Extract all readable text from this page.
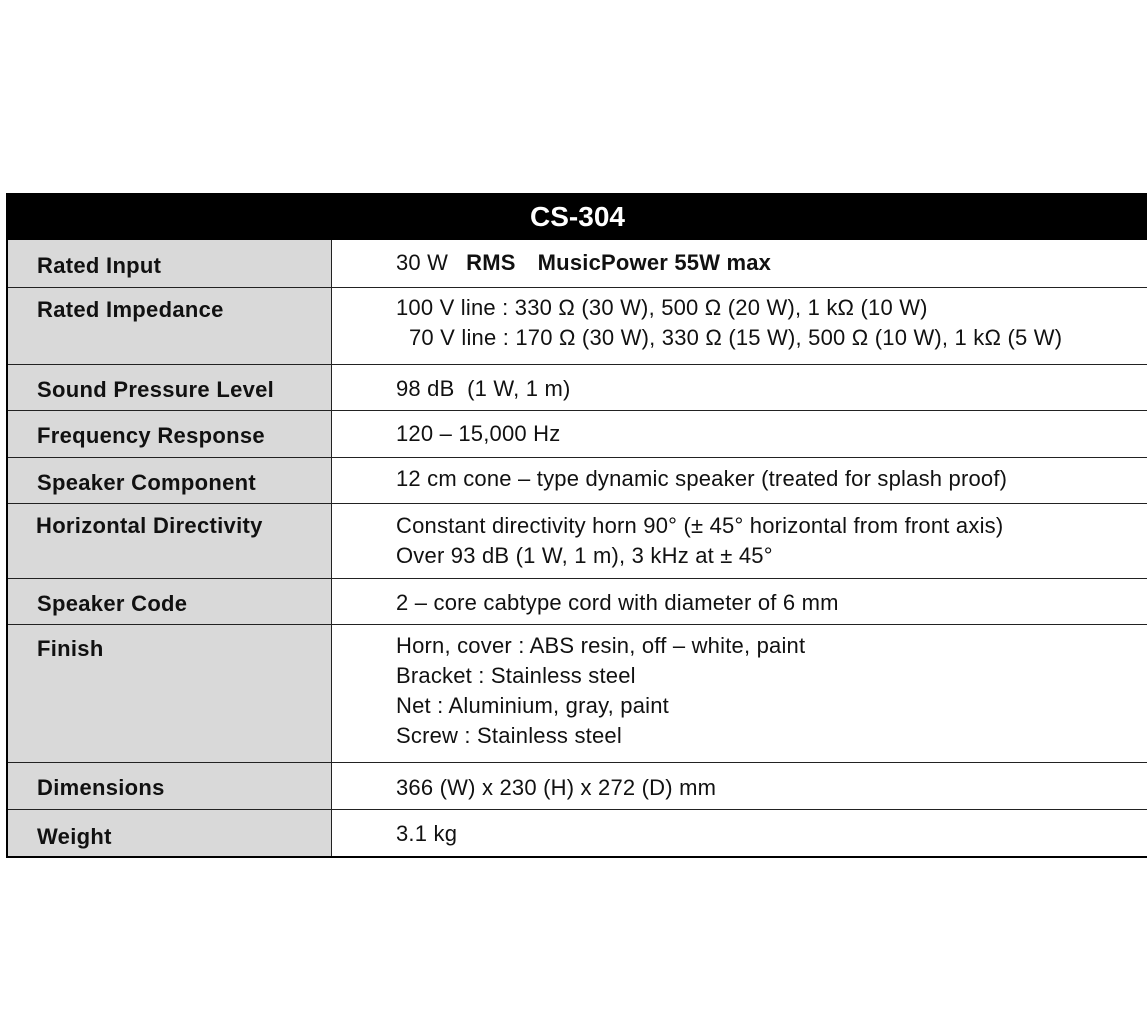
CS-304
Rated Input	30 W RMS MusicPower 55W max
Rated Impedance	100 V line : 330 Ω (30 W), 500 Ω (20 W), 1 kΩ (10 W)
70 V line : 170 Ω (30 W), 330 Ω (15 W), 500 Ω (10 W), 1 kΩ (5 W)
Sound Pressure Level	98 dB  (1 W, 1 m)
Frequency Response	120 – 15,000 Hz
Speaker Component	12 cm cone – type dynamic speaker (treated for splash proof)
Horizontal Directivity	Constant directivity horn 90° (± 45° horizontal from front axis)
Over 93 dB (1 W, 1 m), 3 kHz at ± 45°
Speaker Code	2 – core cabtype cord with diameter of 6 mm
Finish	Horn, cover : ABS resin, off – white, paint
Bracket : Stainless steel
Net : Aluminium, gray, paint
Screw : Stainless steel
Dimensions	366 (W) x 230 (H) x 272 (D) mm
Weight	3.1 kg
